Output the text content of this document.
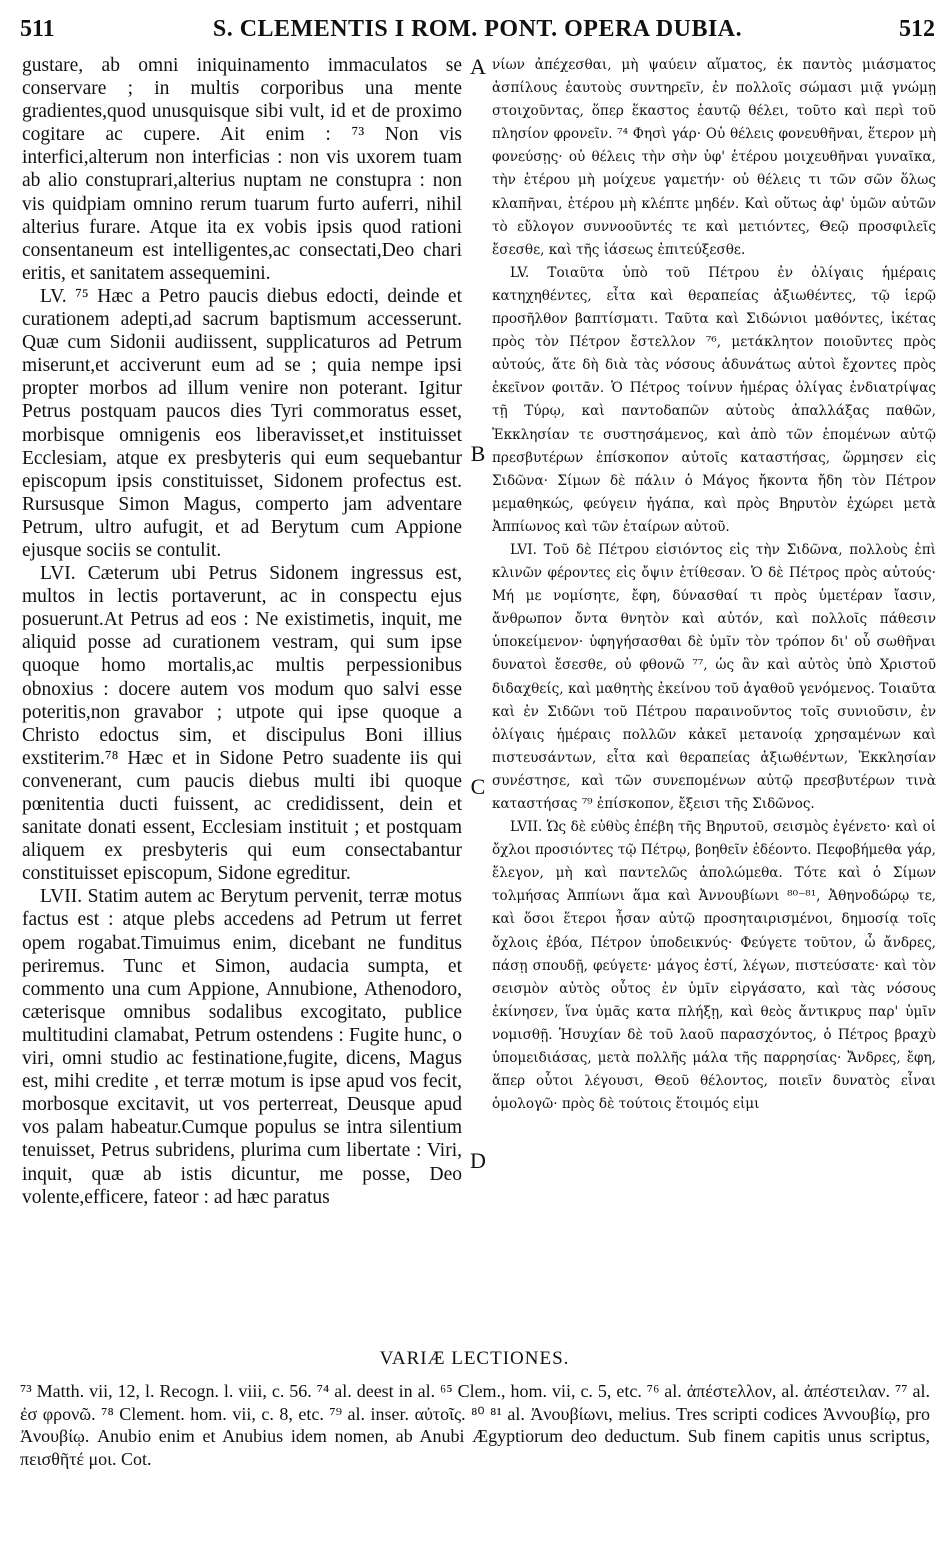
511	S. CLEMENTIS I ROM. PONT. OPERA DUBIA.	512

gustare, ab omni iniquinamento immaculatos se conservare ; in multis corporibus una mente gradientes,quod unusquisque sibi vult, id et de proximo cogitare ac cupere. Ait enim : ⁷³ Non vis interfici,alterum non interficias : non vis uxorem tuam ab alio constuprari,alterius nuptam ne constupra : non vis quidpiam omnino rerum tuarum furto auferri, nihil alterius furare. Atque ita ex vobis ipsis quod rationi consentaneum est intelligentes,ac consectati,Deo chari eritis, et sanitatem assequemini.

LV. ⁷⁵ Hæc a Petro paucis diebus edocti, deinde et curationem adepti,ad sacrum baptismum accesserunt. Quæ cum Sidonii audiissent, supplicaturos ad Petrum miserunt,et acciverunt eum ad se ; quia nempe ipsi propter morbos ad illum venire non poterant. Igitur Petrus postquam paucos dies Tyri commoratus esset, morbisque omnigenis eos liberavisset,et instituisset Ecclesiam, atque ex presbyteris qui eum sequebantur episcopum ipsis constituisset, Sidonem profectus est. Rursusque Simon Magus, comperto jam adventare Petrum, ultro aufugit, et ad Berytum cum Appione ejusque sociis se contulit.

LVI. Cæterum ubi Petrus Sidonem ingressus est, multos in lectis portaverunt, ac in conspectu ejus posuerunt.At Petrus ad eos : Ne existimetis, inquit, me aliquid posse ad curationem vestram, qui sum ipse quoque homo mortalis,ac multis perpessionibus obnoxius : docere autem vos modum quo salvi esse poteritis,non gravabor ; utpote qui ipse quoque a Christo edoctus sim, et discipulus Boni illius exstiterim.⁷⁸ Hæc et in Sidone Petro suadente iis qui convenerant, cum paucis diebus multi ibi quoque pœnitentia ducti fuissent, ac credidissent, dein et sanitate donati essent, Ecclesiam instituit ; et postquam aliquem ex presbyteris qui eum consectabantur constituisset episcopum, Sidone egreditur.

LVII. Statim autem ac Berytum pervenit, terræ motus factus est : atque plebs accedens ad Petrum ut ferret opem rogabat.Timuimus enim, dicebant ne funditus periremus. Tunc et Simon, audacia sumpta, et commento una cum Appione, Annubione, Athenodoro, cæterisque omnibus sodalibus excogitato, publice multitudini clamabat, Petrum ostendens : Fugite hunc, o viri, omni studio ac festinatione,fugite, dicens, Magus est, mihi credite , et terræ motum is ipse apud vos fecit, morbosque excitavit, ut vos perterreat, Deusque apud vos palam habeatur.Cumque populus se intra silentium tenuisset, Petrus subridens, plurima cum libertate : Viri, inquit, quæ ab istis dicuntur, me posse, Deo volente,efficere, fateor : ad hæc paratus

A
B
C
D

νίων ἀπέχεσθαι, μὴ ψαύειν αἵματος, ἐκ παντὸς μιάσματος ἀσπίλους ἑαυτοὺς συντηρεῖν, ἐν πολλοῖς σώμασι μιᾷ γνώμῃ στοιχοῦντας, ὅπερ ἕκαστος ἑαυτῷ θέλει, τοῦτο καὶ περὶ τοῦ πλησίον φρονεῖν. ⁷⁴ Φησὶ γάρ· Οὐ θέλεις φονευθῆναι, ἕτερον μὴ φονεύσῃς· οὐ θέλεις τὴν σὴν ὑφ' ἑτέρου μοιχευθῆναι γυναῖκα, τὴν ἑτέρου μὴ μοίχευε γαμετήν· οὐ θέλεις τι τῶν σῶν ὅλως κλαπῆναι, ἑτέρου μὴ κλέπτε μηδέν. Καὶ οὕτως ἀφ' ὑμῶν αὐτῶν τὸ εὔλογον συννοοῦντές τε καὶ μετιόντες, Θεῷ προσφιλεῖς ἔσεσθε, καὶ τῆς ἰάσεως ἐπιτεύξεσθε.

LV. Τοιαῦτα ὑπὸ τοῦ Πέτρου ἐν ὀλίγαις ἡμέραις κατηχηθέντες, εἶτα καὶ θεραπείας ἀξιωθέντες, τῷ ἱερῷ προσῆλθον βαπτίσματι. Ταῦτα καὶ Σιδώνιοι μαθόντες, ἱκέτας πρὸς τὸν Πέτρον ἔστελλον ⁷⁶, μετάκλητον ποιοῦντες πρὸς αὐτούς, ἅτε δὴ διὰ τὰς νόσους ἀδυνάτως αὐτοὶ ἔχοντες πρὸς ἐκεῖνον φοιτᾶν. Ὁ Πέτρος τοίνυν ἡμέρας ὀλίγας ἐνδιατρίψας τῇ Τύρῳ, καὶ παντοδαπῶν αὐτοὺς ἀπαλλάξας παθῶν, Ἐκκλησίαν τε συστησάμενος, καὶ ἀπὸ τῶν ἑπομένων αὐτῷ πρεσβυτέρων ἐπίσκοπον αὐτοῖς καταστήσας, ὥρμησεν εἰς Σιδῶνα· Σίμων δὲ πάλιν ὁ Μάγος ἤκοντα ἤδη τὸν Πέτρον μεμαθηκώς, φεύγειν ἠγάπα, καὶ πρὸς Βηρυτὸν ἐχώρει μετὰ Ἀππίωνος καὶ τῶν ἑταίρων αὐτοῦ.

LVI. Τοῦ δὲ Πέτρου εἰσιόντος εἰς τὴν Σιδῶνα, πολλοὺς ἐπὶ κλινῶν φέροντες εἰς ὄψιν ἐτίθεσαν. Ὁ δὲ Πέτρος πρὸς αὐτούς· Μή με νομίσητε, ἔφη, δύνασθαί τι πρὸς ὑμετέραν ἴασιν, ἄνθρωπον ὄντα θνητὸν καὶ αὐτόν, καὶ πολλοῖς πάθεσιν ὑποκείμενον· ὑφηγήσασθαι δὲ ὑμῖν τὸν τρόπον δι' οὗ σωθῆναι δυνατοὶ ἔσεσθε, οὐ φθονῶ ⁷⁷, ὡς ἂν καὶ αὐτὸς ὑπὸ Χριστοῦ διδαχθείς, καὶ μαθητὴς ἐκείνου τοῦ ἀγαθοῦ γενόμενος. Τοιαῦτα καὶ ἐν Σιδῶνι τοῦ Πέτρου παραινοῦντος τοῖς συνιοῦσιν, ἐν ὀλίγαις ἡμέραις πολλῶν κἀκεῖ μετανοίᾳ χρησαμένων καὶ πιστευσάντων, εἶτα καὶ θεραπείας ἀξιωθέντων, Ἐκκλησίαν συνέστησε, καὶ τῶν συνεπομένων αὐτῷ πρεσβυτέρων τινὰ καταστήσας ⁷⁹ ἐπίσκοπον, ἔξεισι τῆς Σιδῶνος.

LVII. Ὡς δὲ εὐθὺς ἐπέβη τῆς Βηρυτοῦ, σεισμὸς ἐγένετο· καὶ οἱ ὄχλοι προσιόντες τῷ Πέτρῳ, βοηθεῖν ἐδέοντο. Πεφοβήμεθα γάρ, ἔλεγον, μὴ καὶ παντελῶς ἀπολώμεθα. Τότε καὶ ὁ Σίμων τολμήσας Ἀππίωνι ἅμα καὶ Ἀννουβίωνι ⁸⁰⁻⁸¹, Ἀθηνοδώρῳ τε, καὶ ὅσοι ἕτεροι ἦσαν αὐτῷ προσηταιρισμένοι, δημοσίᾳ τοῖς ὄχλοις ἐβόα, Πέτρον ὑποδεικνύς· Φεύγετε τοῦτον, ὦ ἄνδρες, πάσῃ σπουδῇ, φεύγετε· μάγος ἐστί, λέγων, πιστεύσατε· καὶ τὸν σεισμὸν αὐτὸς οὗτος ἐν ὑμῖν εἰργάσατο, καὶ τὰς νόσους ἐκίνησεν, ἵνα ὑμᾶς κατα πλήξῃ, καὶ θεὸς ἄντικρυς παρ' ὑμῖν νομισθῇ. Ἡσυχίαν δὲ τοῦ λαοῦ παρασχόντος, ὁ Πέτρος βραχὺ ὑπομειδιάσας, μετὰ πολλῆς μάλα τῆς παρρησίας· Ἄνδρες, ἔφη, ἅπερ οὗτοι λέγουσι, Θεοῦ θέλοντος, ποιεῖν δυνατὸς εἶναι ὁμολογῶ· πρὸς δὲ τούτοις ἕτοιμός εἰμι

VARIÆ LECTIONES.

⁷³ Matth. vii, 12, l. Recogn. l. viii, c. 56. ⁷⁴ al. deest in al. ⁶⁵ Clem., hom. vii, c. 5, etc. ⁷⁶ al. ἀπέστελλον, al. ἀπέστειλαν. ⁷⁷ al. ἐσ φρονῶ. ⁷⁸ Clement. hom. vii, c. 8, etc. ⁷⁹ al. inser. αὐτοῖς. ⁸⁰ ⁸¹ al. Ἀνουβίωνι, melius. Tres scripti codices Ἀννουβίῳ, pro Ἀνουβίῳ. Anubio enim et Anubius idem nomen, ab Anubi Ægyptiorum deo deductum. Sub finem capitis unus scriptus, πεισθῆτέ μοι. Cot.
